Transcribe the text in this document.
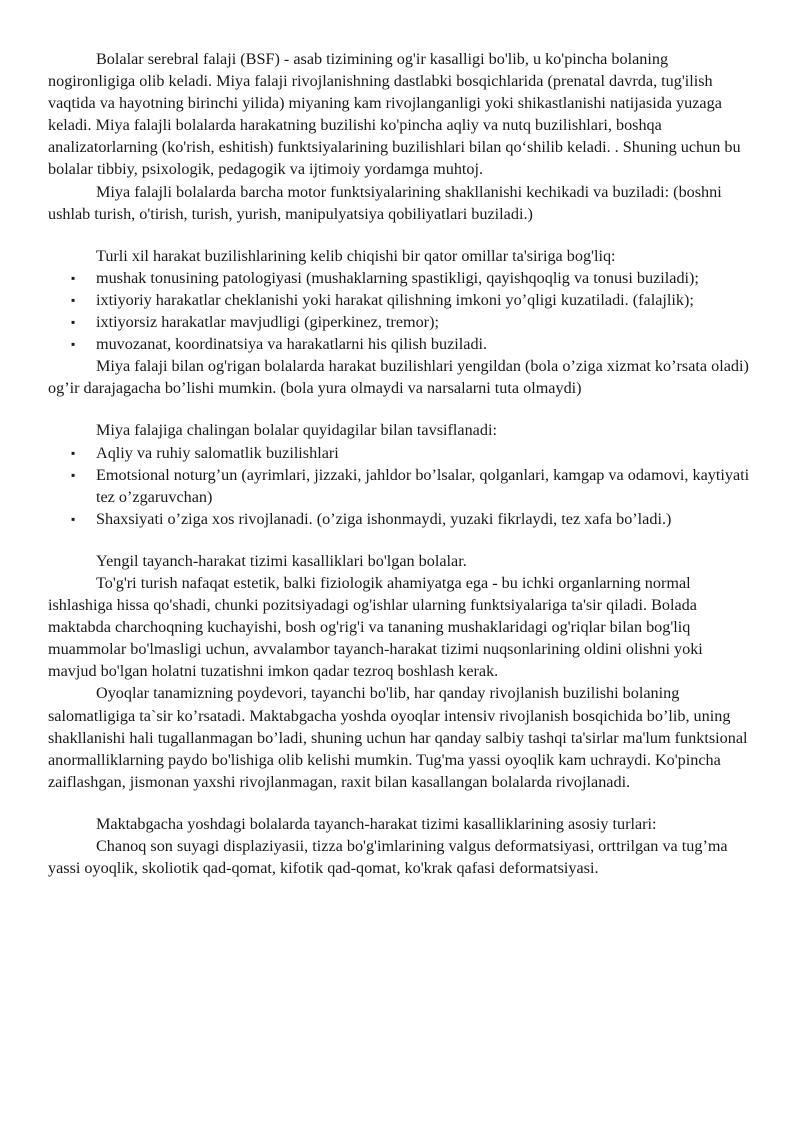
Bolalar serebral falaji (BSF) - asab tizimining og'ir kasalligi bo'lib, u ko'pincha bolaning nogironligiga olib keladi. Miya falaji rivojlanishning dastlabki bosqichlarida (prenatal davrda, tug'ilish vaqtida va hayotning birinchi yilida) miyaning kam rivojlanganligi yoki shikastlanishi natijasida yuzaga keladi. Miya falajli bolalarda harakatning buzilishi ko'pincha aqliy va nutq buzilishlari, boshqa analizatorlarning (ko'rish, eshitish) funktsiyalarining buzilishlari bilan qo‘shilib keladi. . Shuning uchun bu bolalar tibbiy, psixologik, pedagogik va ijtimoiy yordamga muhtoj.

Miya falajli bolalarda barcha motor funktsiyalarining shakllanishi kechikadi va buziladi: (boshni ushlab turish, o'tirish, turish, yurish, manipulyatsiya qobiliyatlari buziladi.)

Turli xil harakat buzilishlarining kelib chiqishi bir qator omillar ta'siriga bog'liq:

▪ mushak tonusining patologiyasi (mushaklarning spastikligi, qayishqoqlig va tonusi buziladi);
▪ ixtiyoriy harakatlar cheklanishi yoki harakat qilishning imkoni yo’qligi kuzatiladi. (falajlik);
▪ ixtiyorsiz harakatlar mavjudligi (giperkinez, tremor);
▪ muvozanat, koordinatsiya va harakatlarni his qilish buziladi.

Miya falaji bilan og'rigan bolalarda harakat buzilishlari yengildan (bola o’ziga xizmat ko’rsata oladi) og’ir darajagacha bo’lishi mumkin. (bola yura olmaydi va narsalarni tuta olmaydi)

Miya falajiga chalingan bolalar quyidagilar bilan tavsiflanadi:

▪ Aqliy va ruhiy salomatlik buzilishlari
▪ Emotsional noturg’un (ayrimlari, jizzaki, jahldor bo’lsalar, qolganlari, kamgap va odamovi, kaytiyati tez o’zgaruvchan)
▪ Shaxsiyati o’ziga xos rivojlanadi. (o’ziga ishonmaydi, yuzaki fikrlaydi, tez xafa bo’ladi.)

Yengil tayanch-harakat tizimi kasalliklari bo'lgan bolalar.

To'g'ri turish nafaqat estetik, balki fiziologik ahamiyatga ega - bu ichki organlarning normal ishlashiga hissa qo'shadi, chunki pozitsiyadagi og'ishlar ularning funktsiyalariga ta'sir qiladi. Bolada maktabda charchoqning kuchayishi, bosh og'rig'i va tananing mushaklaridagi og'riqlar bilan bog'liq muammolar bo'lmasligi uchun, avvalambor tayanch-harakat tizimi nuqsonlarining oldini olishni yoki mavjud bo'lgan holatni tuzatishni imkon qadar tezroq boshlash kerak.

Oyoqlar tanamizning poydevori, tayanchi bo'lib, har qanday rivojlanish buzilishi bolaning salomatligiga ta`sir ko’rsatadi. Maktabgacha yoshda oyoqlar intensiv rivojlanish bosqichida bo’lib, uning shakllanishi hali tugallanmagan bo’ladi, shuning uchun har qanday salbiy tashqi ta'sirlar ma'lum funktsional anormalliklarning paydo bo'lishiga olib kelishi mumkin. Tug'ma yassi oyoqlik kam uchraydi. Ko'pincha zaiflashgan, jismonan yaxshi rivojlanmagan, raxit bilan kasallangan bolalarda rivojlanadi.

Maktabgacha yoshdagi bolalarda tayanch-harakat tizimi kasalliklarining asosiy turlari:

Chanoq son suyagi displaziyasii, tizza bo'g'imlarining valgus deformatsiyasi, orttrilgan va tug’ma yassi oyoqlik, skoliotik qad-qomat, kifotik qad-qomat, ko'krak qafasi deformatsiyasi.
